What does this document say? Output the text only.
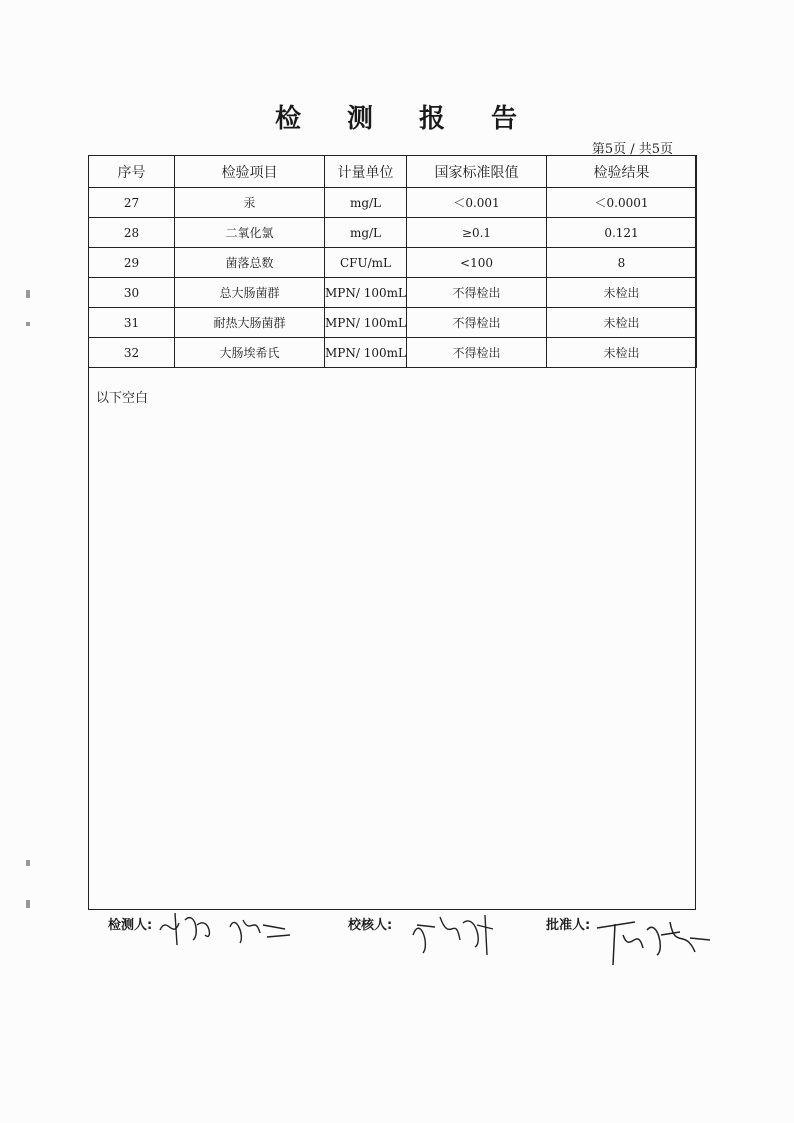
检 测 报 告
第5页 / 共5页
序号	检验项目	计量单位	国家标准限值	检验结果
27	汞	mg/L	＜0.001	＜0.0001
28	二氧化氯	mg/L	≥0.1	0.121
29	菌落总数	CFU/mL	<100	8
30	总大肠菌群	MPN/ 100mL	不得检出	未检出
31	耐热大肠菌群	MPN/ 100mL	不得检出	未检出
32	大肠埃希氏	MPN/ 100mL	不得检出	未检出
以下空白
检测人:	校核人:	批准人:
